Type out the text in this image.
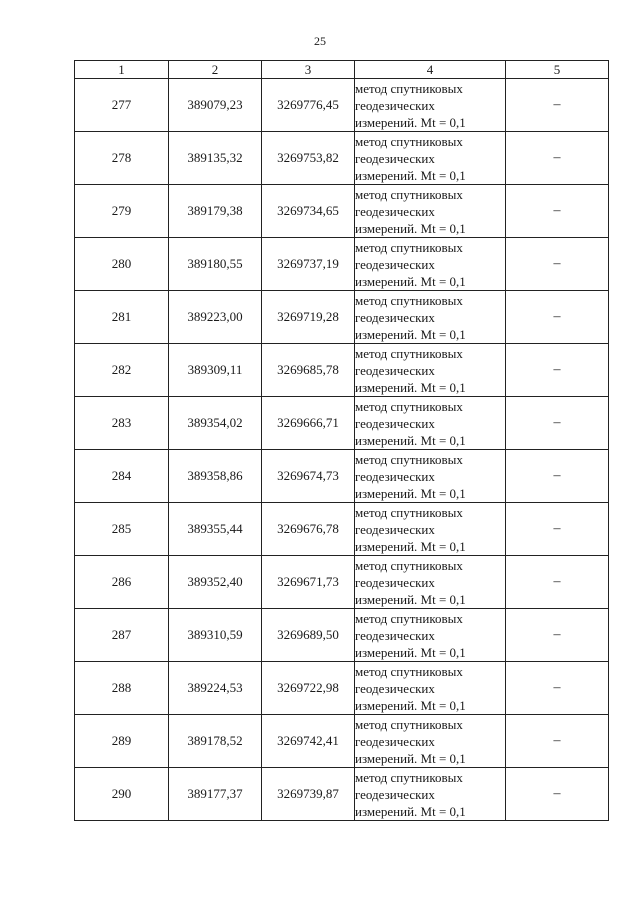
25
1	2	3	4	5
277	389079,23	3269776,45	метод спутниковых
геодезических
измерений. Mt = 0,1	–
278	389135,32	3269753,82	метод спутниковых
геодезических
измерений. Mt = 0,1	–
279	389179,38	3269734,65	метод спутниковых
геодезических
измерений. Mt = 0,1	–
280	389180,55	3269737,19	метод спутниковых
геодезических
измерений. Mt = 0,1	–
281	389223,00	3269719,28	метод спутниковых
геодезических
измерений. Mt = 0,1	–
282	389309,11	3269685,78	метод спутниковых
геодезических
измерений. Mt = 0,1	–
283	389354,02	3269666,71	метод спутниковых
геодезических
измерений. Mt = 0,1	–
284	389358,86	3269674,73	метод спутниковых
геодезических
измерений. Mt = 0,1	–
285	389355,44	3269676,78	метод спутниковых
геодезических
измерений. Mt = 0,1	–
286	389352,40	3269671,73	метод спутниковых
геодезических
измерений. Mt = 0,1	–
287	389310,59	3269689,50	метод спутниковых
геодезических
измерений. Mt = 0,1	–
288	389224,53	3269722,98	метод спутниковых
геодезических
измерений. Mt = 0,1	–
289	389178,52	3269742,41	метод спутниковых
геодезических
измерений. Mt = 0,1	–
290	389177,37	3269739,87	метод спутниковых
геодезических
измерений. Mt = 0,1	–
